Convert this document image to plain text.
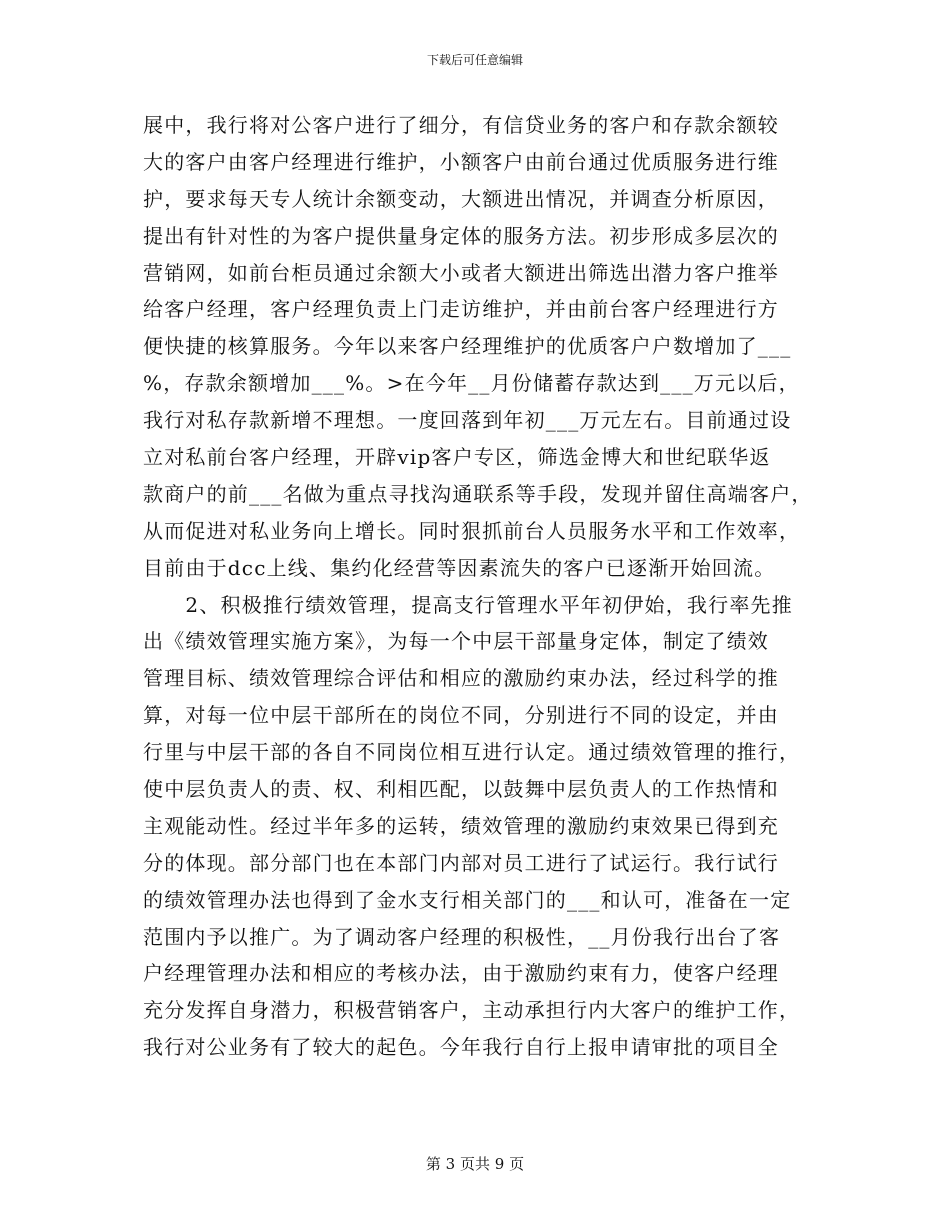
下载后可任意编辑
展中，我行将对公客户进行了细分，有信贷业务的客户和存款余额较
大的客户由客户经理进行维护，小额客户由前台通过优质服务进行维
护，要求每天专人统计余额变动，大额进出情况，并调查分析原因，
提出有针对性的为客户提供量身定体的服务方法。初步形成多层次的
营销网，如前台柜员通过余额大小或者大额进出筛选出潜力客户推举
给客户经理，客户经理负责上门走访维护，并由前台客户经理进行方
便快捷的核算服务。今年以来客户经理维护的优质客户户数增加了___
%，存款余额增加___%。>在今年__月份储蓄存款达到___万元以后，
我行对私存款新增不理想。一度回落到年初___万元左右。目前通过设
立对私前台客户经理，开辟vip客户专区，筛选金博大和世纪联华返
款商户的前___名做为重点寻找沟通联系等手段，发现并留住高端客户，
从而促进对私业务向上增长。同时狠抓前台人员服务水平和工作效率，
目前由于dcc上线、集约化经营等因素流失的客户已逐渐开始回流。
　　2、积极推行绩效管理，提高支行管理水平年初伊始，我行率先推
出《绩效管理实施方案》，为每一个中层干部量身定体，制定了绩效
管理目标、绩效管理综合评估和相应的激励约束办法，经过科学的推
算，对每一位中层干部所在的岗位不同，分别进行不同的设定，并由
行里与中层干部的各自不同岗位相互进行认定。通过绩效管理的推行，
使中层负责人的责、权、利相匹配，以鼓舞中层负责人的工作热情和
主观能动性。经过半年多的运转，绩效管理的激励约束效果已得到充
分的体现。部分部门也在本部门内部对员工进行了试运行。我行试行
的绩效管理办法也得到了金水支行相关部门的___和认可，准备在一定
范围内予以推广。为了调动客户经理的积极性，__月份我行出台了客
户经理管理办法和相应的考核办法，由于激励约束有力，使客户经理
充分发挥自身潜力，积极营销客户，主动承担行内大客户的维护工作，
我行对公业务有了较大的起色。今年我行自行上报申请审批的项目全
第 3 页共 9 页
